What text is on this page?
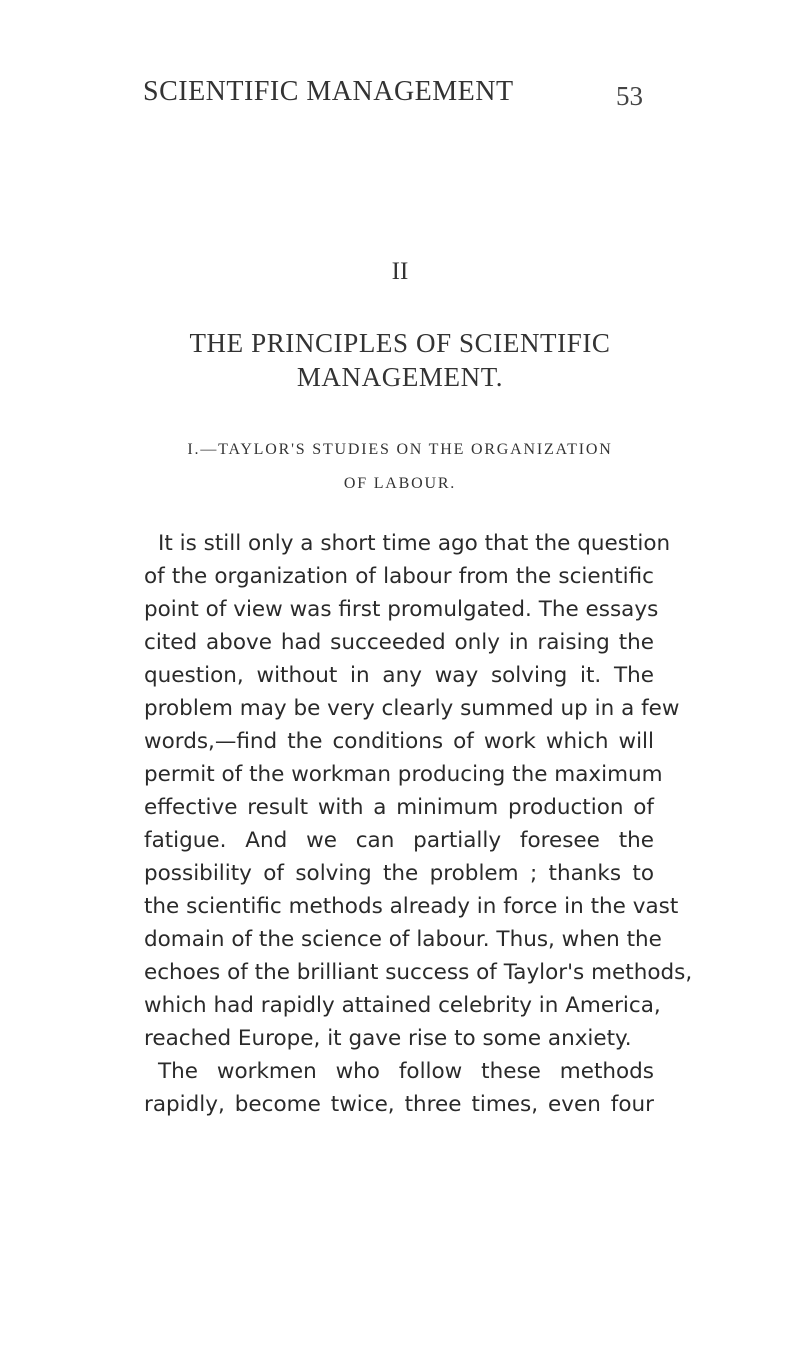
SCIENTIFIC MANAGEMENT	53
II
THE PRINCIPLES OF SCIENTIFIC
MANAGEMENT.
I.—TAYLOR'S STUDIES ON THE ORGANIZATION
OF LABOUR.
It is still only a short time ago that the question
of the organization of labour from the scientific
point of view was first promulgated. The essays
cited above had succeeded only in raising the
question, without in any way solving it. The
problem may be very clearly summed up in a few
words,—find the conditions of work which will
permit of the workman producing the maximum
effective result with a minimum production of
fatigue. And we can partially foresee the
possibility of solving the problem ; thanks to
the scientific methods already in force in the vast
domain of the science of labour. Thus, when the
echoes of the brilliant success of Taylor's methods,
which had rapidly attained celebrity in America,
reached Europe, it gave rise to some anxiety.
The workmen who follow these methods
rapidly, become twice, three times, even four
